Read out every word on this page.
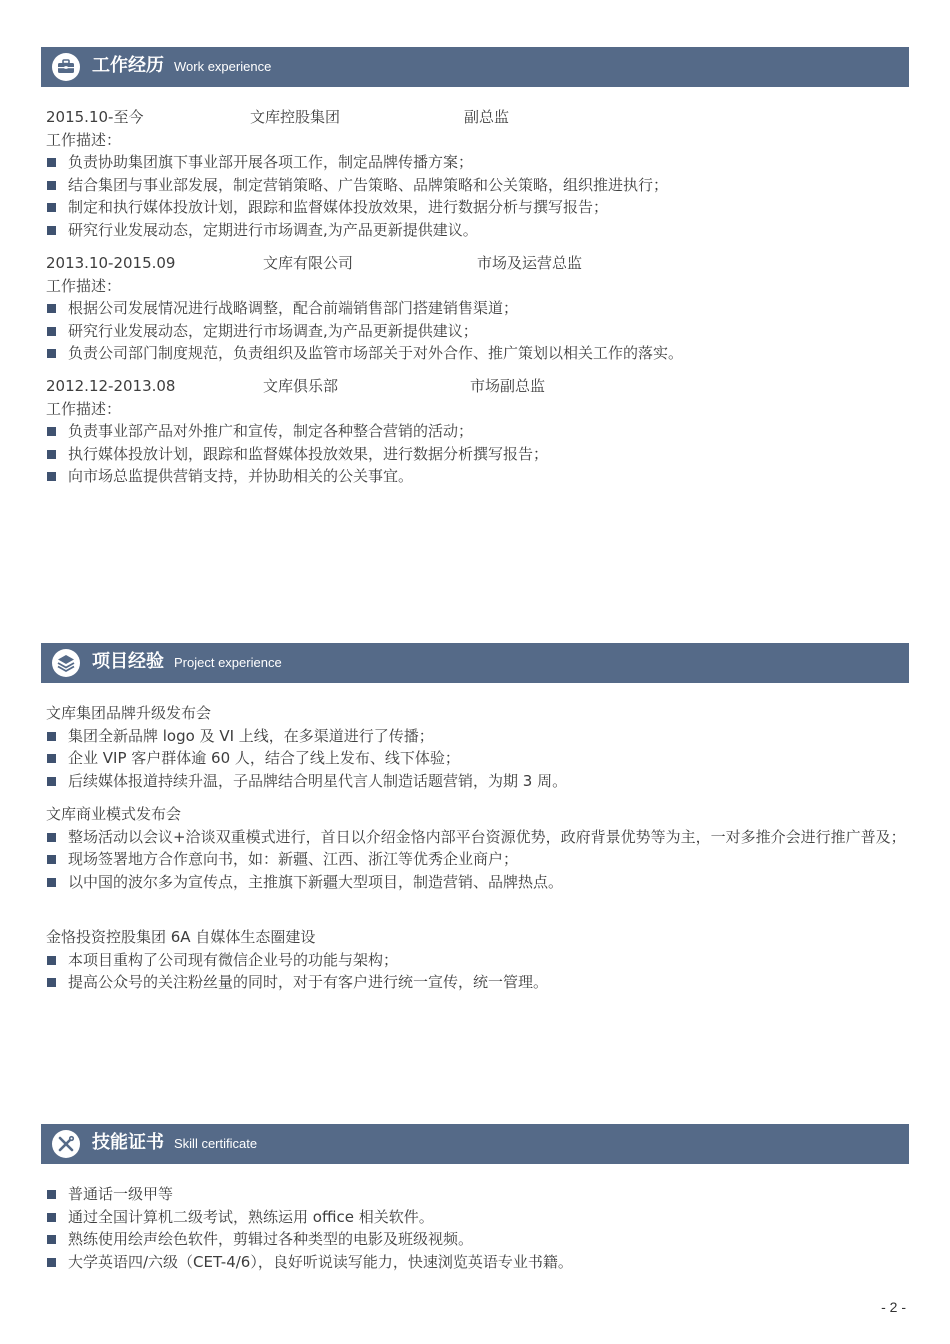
工作经历 Work experience
2015.10-至今	文库控股集团	副总监
工作描述：
负责协助集团旗下事业部开展各项工作，制定品牌传播方案；
结合集团与事业部发展，制定营销策略、广告策略、品牌策略和公关策略，组织推进执行；
制定和执行媒体投放计划，跟踪和监督媒体投放效果，进行数据分析与撰写报告；
研究行业发展动态，定期进行市场调查,为产品更新提供建议。
2013.10-2015.09	文库有限公司	市场及运营总监
工作描述：
根据公司发展情况进行战略调整，配合前端销售部门搭建销售渠道；
研究行业发展动态，定期进行市场调查,为产品更新提供建议；
负责公司部门制度规范，负责组织及监管市场部关于对外合作、推广策划以相关工作的落实。
2012.12-2013.08	文库俱乐部	市场副总监
工作描述：
负责事业部产品对外推广和宣传，制定各种整合营销的活动；
执行媒体投放计划，跟踪和监督媒体投放效果，进行数据分析撰写报告；
向市场总监提供营销支持，并协助相关的公关事宜。
项目经验 Project experience
文库集团品牌升级发布会
集团全新品牌 logo 及 VI 上线，在多渠道进行了传播；
企业 VIP 客户群体逾 60 人，结合了线上发布、线下体验；
后续媒体报道持续升温，子品牌结合明星代言人制造话题营销，为期 3 周。
文库商业模式发布会
整场活动以会议+洽谈双重模式进行，首日以介绍金恪内部平台资源优势，政府背景优势等为主，一对多推介会进行推广普及；
现场签署地方合作意向书，如：新疆、江西、浙江等优秀企业商户；
以中国的波尔多为宣传点，主推旗下新疆大型项目，制造营销、品牌热点。
金恪投资控股集团 6A 自媒体生态圈建设
本项目重构了公司现有微信企业号的功能与架构；
提高公众号的关注粉丝量的同时，对于有客户进行统一宣传，统一管理。
技能证书 Skill certificate
普通话一级甲等
通过全国计算机二级考试，熟练运用 office 相关软件。
熟练使用绘声绘色软件，剪辑过各种类型的电影及班级视频。
大学英语四/六级（CET-4/6），良好听说读写能力，快速浏览英语专业书籍。
- 2 -
